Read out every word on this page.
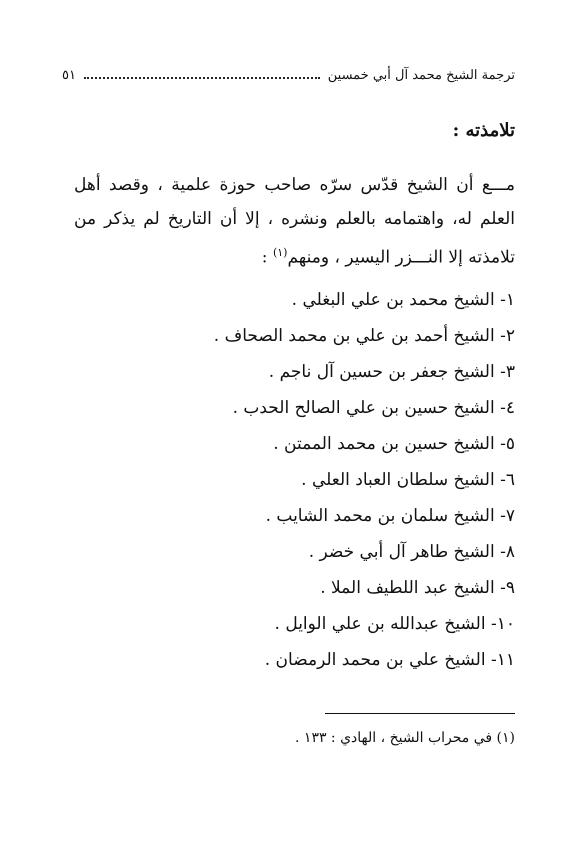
ترجمة الشيخ محمد آل أبي خمسين
٥١
تلامذته :

مـــع أن الشيخ قدّس سرّه صاحب حوزة علمية ، وقصد أهل العلم له، واهتمامه بالعلم ونشره ، إلا أن التاريخ لم يذكر من تلامذته إلا النـــزر اليسير ، ومنهم$^{(١)}$ :

١- الشيخ محمد بن علي البغلي .
٢- الشيخ أحمد بن علي بن محمد الصحاف .
٣- الشيخ جعفر بن حسين آل ناجم .
٤- الشيخ حسين بن علي الصالح الحدب .
٥- الشيخ حسين بن محمد الممتن .
٦- الشيخ سلطان العباد العلي .
٧- الشيخ سلمان بن محمد الشايب .
٨- الشيخ طاهر آل أبي خضر .
٩- الشيخ عبد اللطيف الملا .
١٠- الشيخ عبدالله بن علي الوايل .
١١- الشيخ علي بن محمد الرمضان .
(١) في محراب الشيخ ، الهادي : ١٣٣ .
